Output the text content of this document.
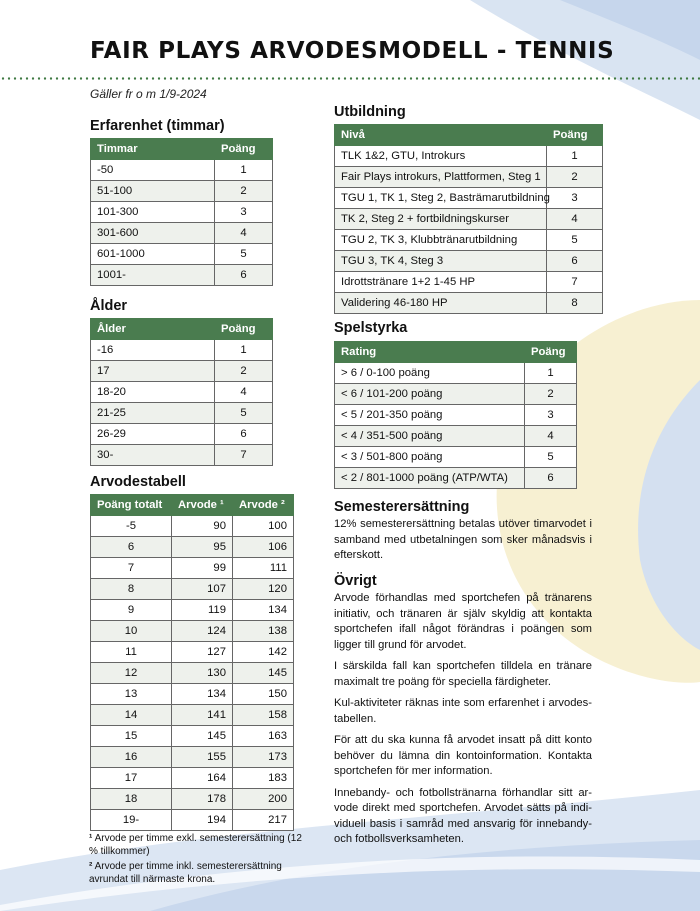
FAIR PLAYS ARVODESMODELL - TENNIS
Gäller fr o m 1/9-2024
Erfarenhet (timmar)
Timmar	Poäng
-50	1
51-100	2
101-300	3
301-600	4
601-1000	5
1001-	6
Ålder
Ålder	Poäng
-16	1
17	2
18-20	4
21-25	5
26-29	6
30-	7
Arvodestabell
Poäng totalt	Arvode ¹	Arvode ²
-5	90	100
6	95	106
7	99	111
8	107	120
9	119	134
10	124	138
11	127	142
12	130	145
13	134	150
14	141	158
15	145	163
16	155	173
17	164	183
18	178	200
19-	194	217

¹ Arvode per timme exkl. semesterersättning (12 % tillkommer)

² Arvode per timme inkl. semesterersättning avrundat till närmaste krona.

Utbildning
Nivå	Poäng
TLK 1&2, GTU, Introkurs	1
Fair Plays introkurs, Plattformen, Steg 1	2
TGU 1, TK 1, Steg 2, Basträmarutbildning	3
TK 2, Steg 2 + fortbildningskurser	4
TGU 2, TK 3, Klubbtränarutbildning	5
TGU 3, TK 4, Steg 3	6
Idrottstränare 1+2 1-45 HP	7
Validering 46-180 HP	8
Spelstyrka
Rating	Poäng
> 6 / 0-100 poäng	1
< 6 / 101-200 poäng	2
< 5 / 201-350 poäng	3
< 4 / 351-500 poäng	4
< 3 / 501-800 poäng	5
< 2 / 801-1000 poäng (ATP/WTA)	6
Semesterersättning

12% semesterersättning betalas utöver timarvodet i samband med utbetalningen som sker månadsvis i efterskott.

Övrigt

Arvode förhandlas med sportchefen på tränarens initiativ, och tränaren är själv skyldig att kontakta sportchefen ifall något förändras i poängen som ligger till grund för arvodet.

I särskilda fall kan sportchefen tilldela en tränare maximalt tre poäng för speciella färdigheter.

Kul-aktiviteter räknas inte som erfarenhet i arvodestabellen.

För att du ska kunna få arvodet insatt på ditt konto behöver du lämna din kontoinformation. Kontakta sportchefen för mer information.

Innebandy- och fotbollstränarna förhandlar sitt arvode direkt med sportchefen. Arvodet sätts på individuell basis i samråd med ansvarig för innebandy- och fotbollsverksamheten.
